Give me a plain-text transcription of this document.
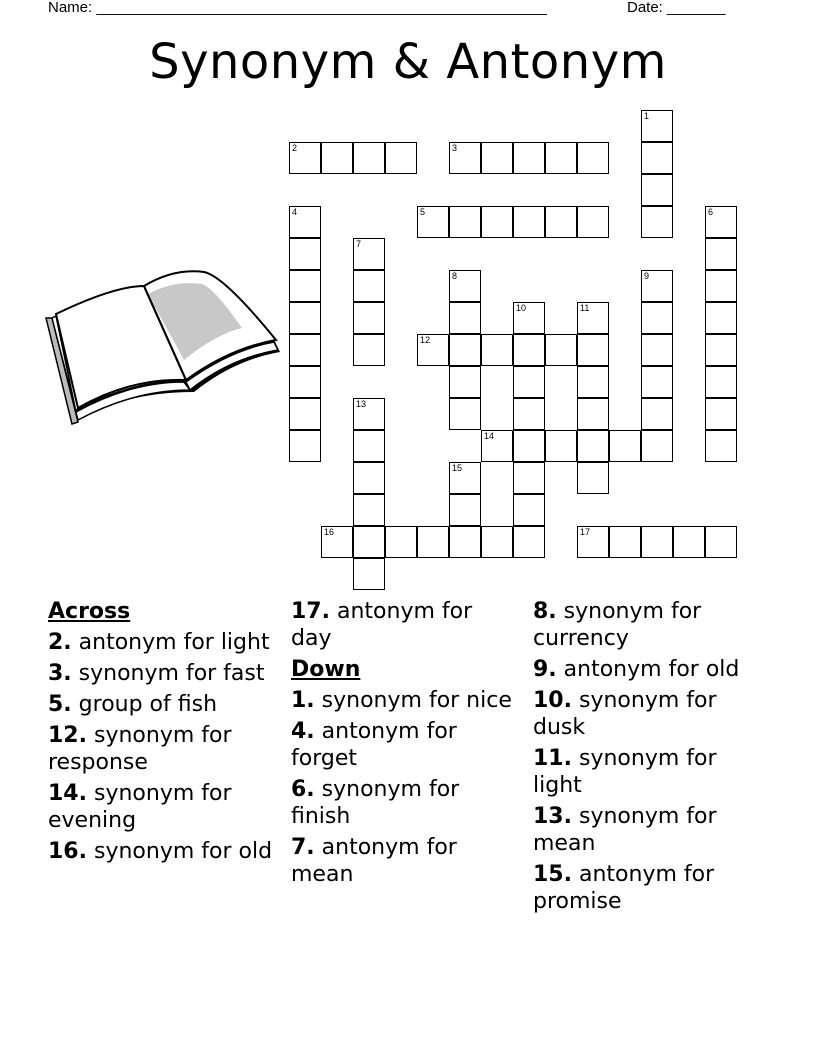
Name: ______________________________________________________	Date: _______
Synonym & Antonym
1
2	3
4	5	6
7
8	9
10	11
12
13
14
15
16	17
Across
2. antonym for light
3. synonym for fast
5. group of fish
12. synonym for response
14. synonym for evening
16. synonym for old
17. antonym for day
Down
1. synonym for nice
4. antonym for forget
6. synonym for finish
7. antonym for mean
8. synonym for currency
9. antonym for old
10. synonym for dusk
11. synonym for light
13. synonym for mean
15. antonym for promise
